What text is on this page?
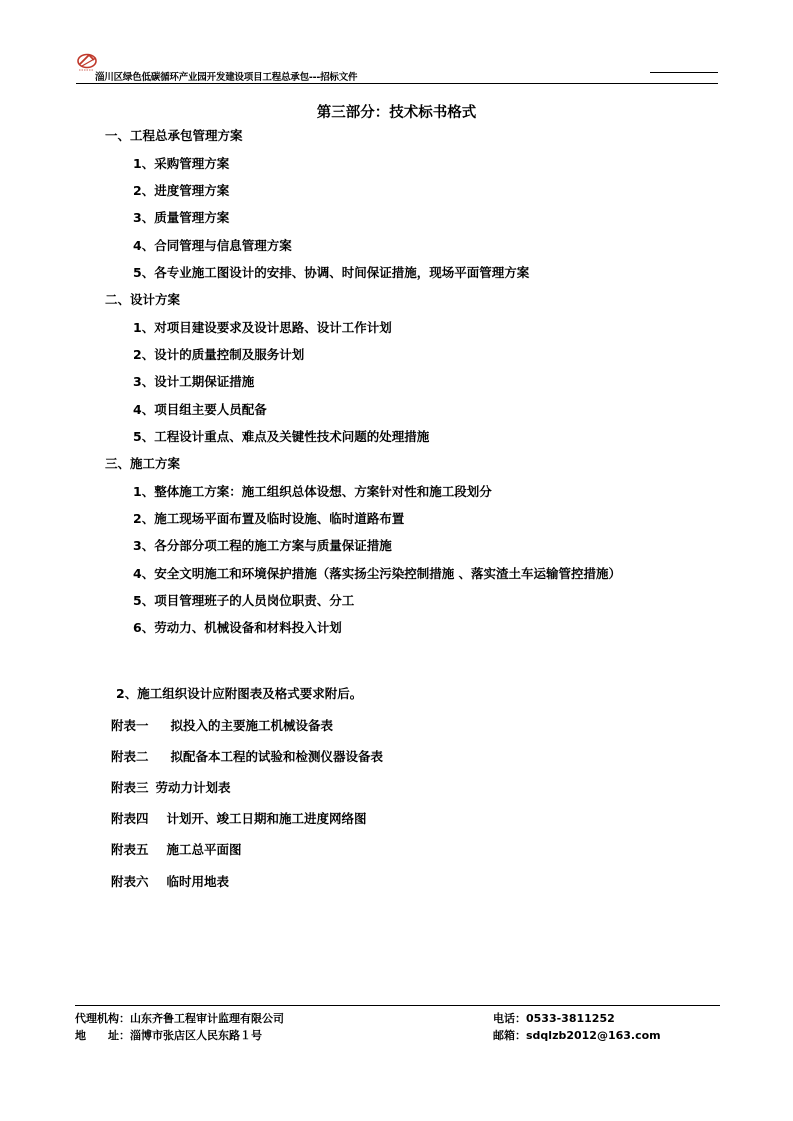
淄川区绿色低碳循环产业园开发建设项目工程总承包---招标文件
第三部分：技术标书格式
一、工程总承包管理方案
1、采购管理方案
2、进度管理方案
3、质量管理方案
4、合同管理与信息管理方案
5、各专业施工图设计的安排、协调、时间保证措施，现场平面管理方案
二、设计方案
1、对项目建设要求及设计思路、设计工作计划
2、设计的质量控制及服务计划
3、设计工期保证措施
4、项目组主要人员配备
5、工程设计重点、难点及关键性技术问题的处理措施
三、施工方案
1、整体施工方案：施工组织总体设想、方案针对性和施工段划分
2、施工现场平面布置及临时设施、临时道路布置
3、各分部分项工程的施工方案与质量保证措施
4、安全文明施工和环境保护措施（落实扬尘污染控制措施 、落实渣土车运输管控措施）
5、项目管理班子的人员岗位职责、分工
6、劳动力、机械设备和材料投入计划
2、施工组织设计应附图表及格式要求附后。
附表一 拟投入的主要施工机械设备表
附表二 拟配备本工程的试验和检测仪器设备表
附表三 劳动力计划表
附表四 计划开、竣工日期和施工进度网络图
附表五 施工总平面图
附表六 临时用地表
代理机构：山东齐鲁工程审计监理有限公司
地　　址：淄博市张店区人民东路１号
电话：0533-3811252
邮箱：sdqlzb2012@163.com
